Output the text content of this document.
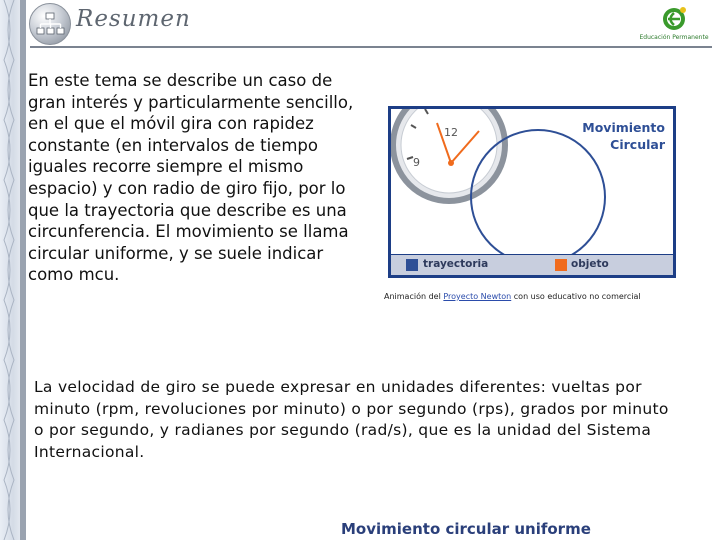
Resumen
Educación Permanente

En este tema se describe un caso de gran interés y particularmente sencillo, en el que el móvil gira con rapidez constante (en intervalos de tiempo iguales recorre siempre el mismo espacio) y con radio de giro fijo, por lo que la trayectoria que describe es una circunferencia. El movimiento se llama circular uniforme, y se suele indicar como mcu.

12
9
Movimiento
Circular
trayectoria	objeto
Animación del Proyecto Newton con uso educativo no comercial

La velocidad de giro se puede expresar en unidades diferentes: vueltas por minuto (rpm, revoluciones por minuto) o por segundo (rps), grados por minuto o por segundo, y radianes por segundo (rad/s), que es la unidad del Sistema Internacional.

Movimiento circular uniforme
